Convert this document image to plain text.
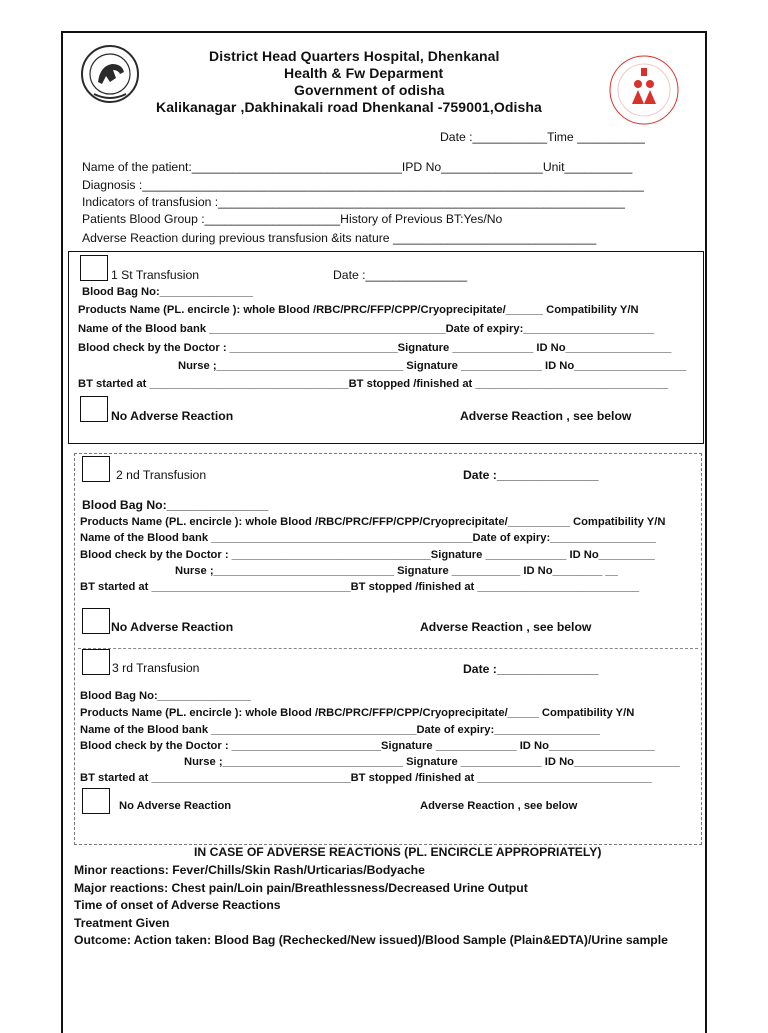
District Head Quarters Hospital, Dhenkanal
Health & Fw Deparment
Government of odisha
Kalikanagar ,Dakhinakali road Dhenkanal -759001,Odisha
Date :___________Time __________
Name of the patient:_______________________________IPD No_______________Unit__________
Diagnosis :__________________________________________________________________________
Indicators of transfusion :____________________________________________________________
Patients Blood Group :____________________History of Previous BT:Yes/No
Adverse Reaction during previous transfusion &its nature ______________________________
1 St Transfusion	Date :_______________
Blood Bag No:_______________
Products Name (PL. encircle ): whole Blood /RBC/PRC/FFP/CPP/Cryoprecipitate/______ Compatibility Y/N
Name of the Blood bank ______________________________________Date of expiry:_____________________
Blood check by the Doctor : ___________________________Signature _____________ ID No_________________
Nurse ;______________________________ Signature _____________ ID No__________________
BT started at ________________________________BT stopped /finished at _______________________________
No Adverse Reaction	Adverse Reaction , see below
2 nd Transfusion	Date :_______________
Blood Bag No:_______________
Products Name (PL. encircle ): whole Blood /RBC/PRC/FFP/CPP/Cryoprecipitate/__________ Compatibility Y/N
Name of the Blood bank __________________________________________Date of expiry:_________________
Blood check by the Doctor : ________________________________Signature _____________ ID No_________
Nurse ;_____________________________ Signature ___________ ID No________ __
BT started at ________________________________BT stopped /finished at __________________________
No Adverse Reaction	Adverse Reaction , see below
3 rd Transfusion	Date :_______________
Blood Bag No:_______________
Products Name (PL. encircle ): whole Blood /RBC/PRC/FFP/CPP/Cryoprecipitate/_____ Compatibility Y/N
Name of the Blood bank _________________________________Date of expiry:_________________
Blood check by the Doctor : ________________________Signature _____________ ID No_________________
Nurse ;_____________________________ Signature _____________ ID No_________________
BT started at ________________________________BT stopped /finished at ____________________________
No Adverse Reaction	Adverse Reaction , see below
IN CASE OF ADVERSE REACTIONS (PL. ENCIRCLE APPROPRIATELY)
Minor reactions: Fever/Chills/Skin Rash/Urticarias/Bodyache
Major reactions: Chest pain/Loin pain/Breathlessness/Decreased Urine Output
Time of onset of Adverse Reactions
Treatment Given
Outcome: Action taken: Blood Bag (Rechecked/New issued)/Blood Sample (Plain&EDTA)/Urine sample
